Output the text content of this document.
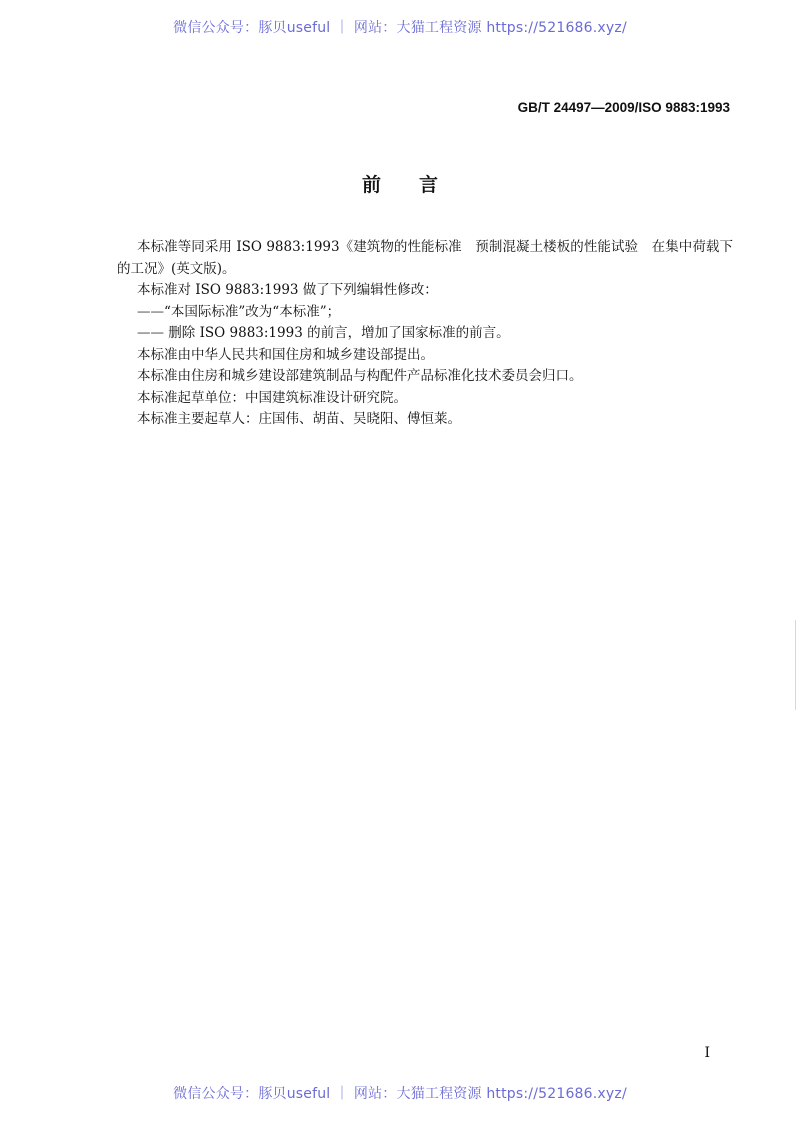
微信公众号：豚贝useful ｜ 网站：大猫工程资源 https://521686.xyz/
GB/T 24497—2009/ISO 9883:1993
前言

本标准等同采用 ISO 9883:1993《建筑物的性能标准　预制混凝土楼板的性能试验　在集中荷载下的工况》(英文版)。

本标准对 ISO 9883:1993 做了下列编辑性修改：

——“本国际标准”改为“本标准”；

—— 删除 ISO 9883:1993 的前言，增加了国家标准的前言。

本标准由中华人民共和国住房和城乡建设部提出。

本标准由住房和城乡建设部建筑制品与构配件产品标准化技术委员会归口。

本标准起草单位：中国建筑标准设计研究院。

本标准主要起草人：庄国伟、胡苗、吴晓阳、傅恒莱。

I
微信公众号：豚贝useful ｜ 网站：大猫工程资源 https://521686.xyz/
